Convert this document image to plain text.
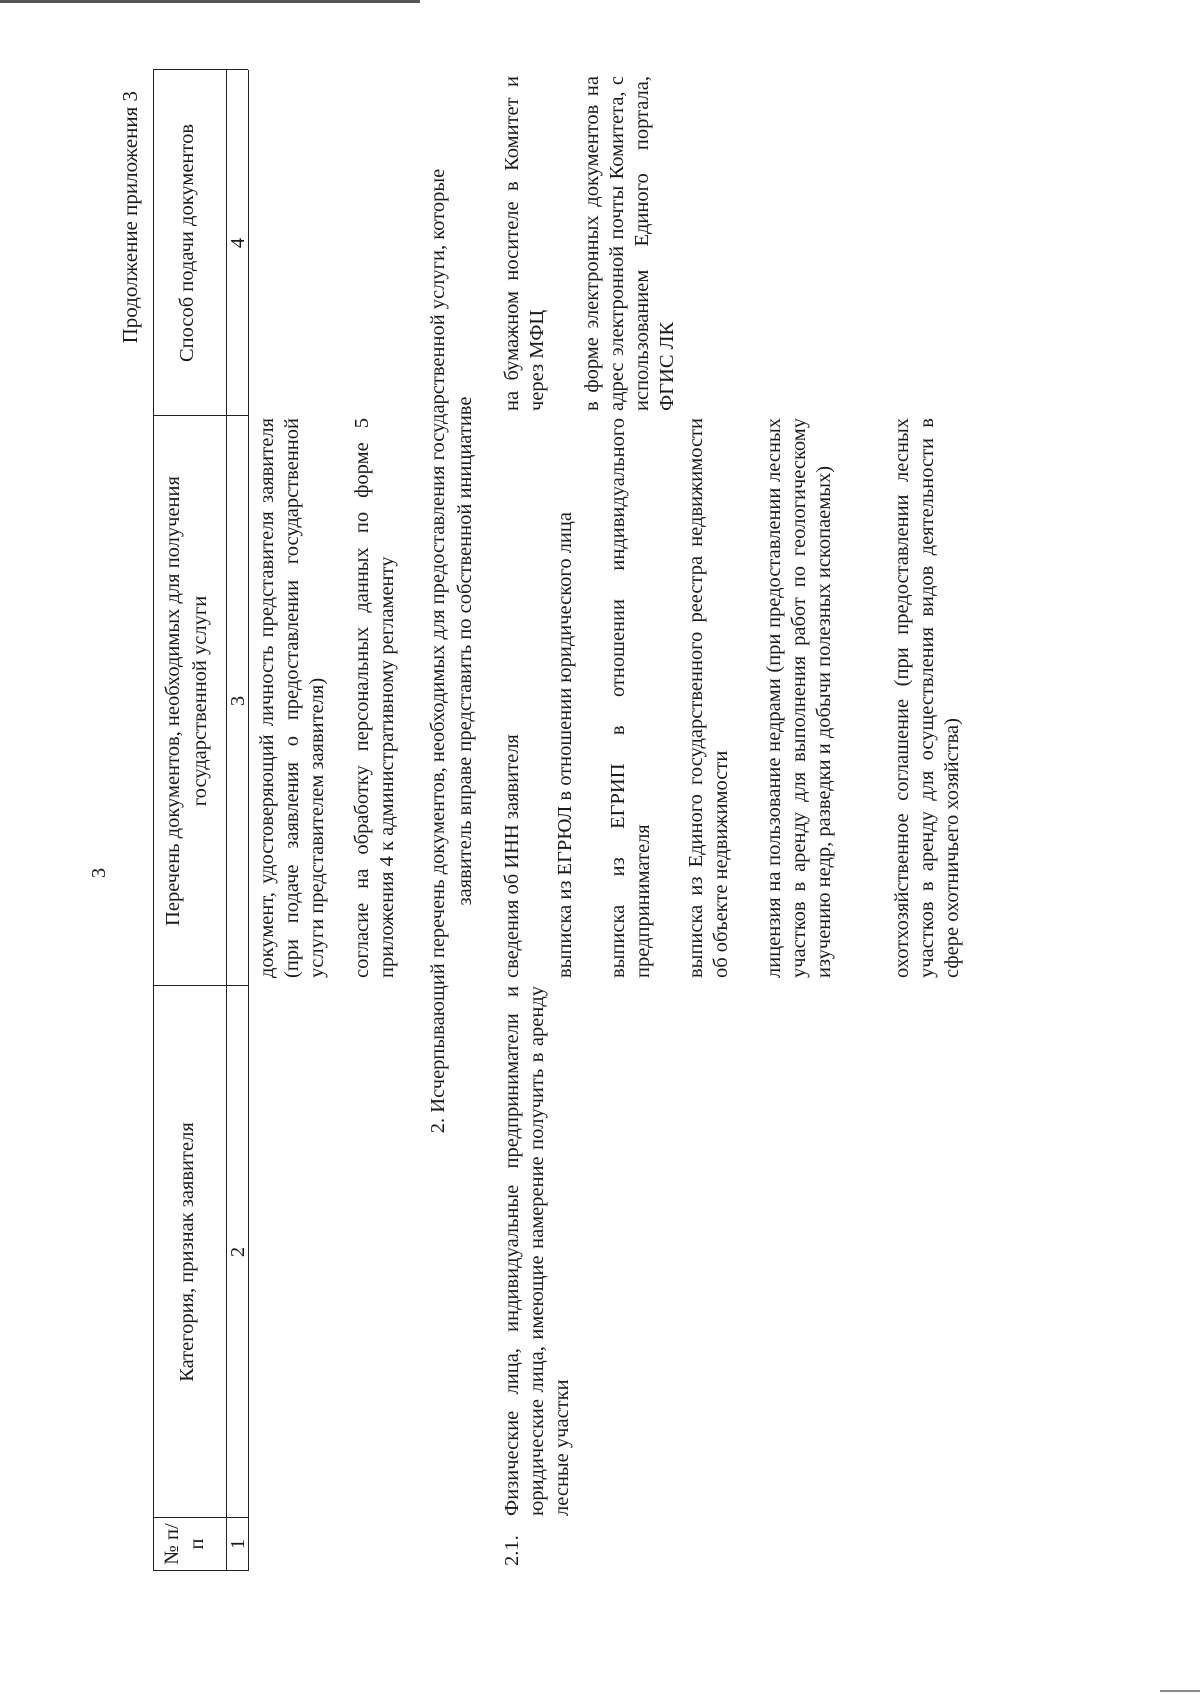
3
Продолжение приложения 3
№ п/п
Категория, признак заявителя
Перечень документов, необходимых для получения государственной услуги
Способ подачи документов
1
2
3
4
документ, удостоверяющий личность представителя заявителя (при подаче заявления о предоставлении государственной услуги представителем заявителя) согласие на обработку персональных данных по форме 5 приложения 4 к административному регламенту 2. Исчерпывающий перечень документов, необходимых для предоставления государственной услуги, которые заявитель вправе представить по собственной инициативе
2.1.
Физические лица, индивидуальные предприниматели и юридические лица, имеющие намерение получить в аренду лесные участки
сведения об ИНН заявителя выписка из ЕГРЮЛ в отношении юридического лица выписка из ЕГРИП в отношении индивидуального предпринимателя выписка из Единого государственного реестра недвижимости об объекте недвижимости лицензия на пользование недрами (при предоставлении лесных участков в аренду для выполнения работ по геологическому изучению недр, разведки и добычи полезных ископаемых)	охотхозяйственное соглашение (при предоставлении лесных участков в аренду для осуществления видов деятельности в сфере охотничьего хозяйства)
на бумажном носителе в Комитет и через МФЦ в форме электронных документов на адрес электронной почты Комитета, с использованием Единого портала, ФГИС ЛК
